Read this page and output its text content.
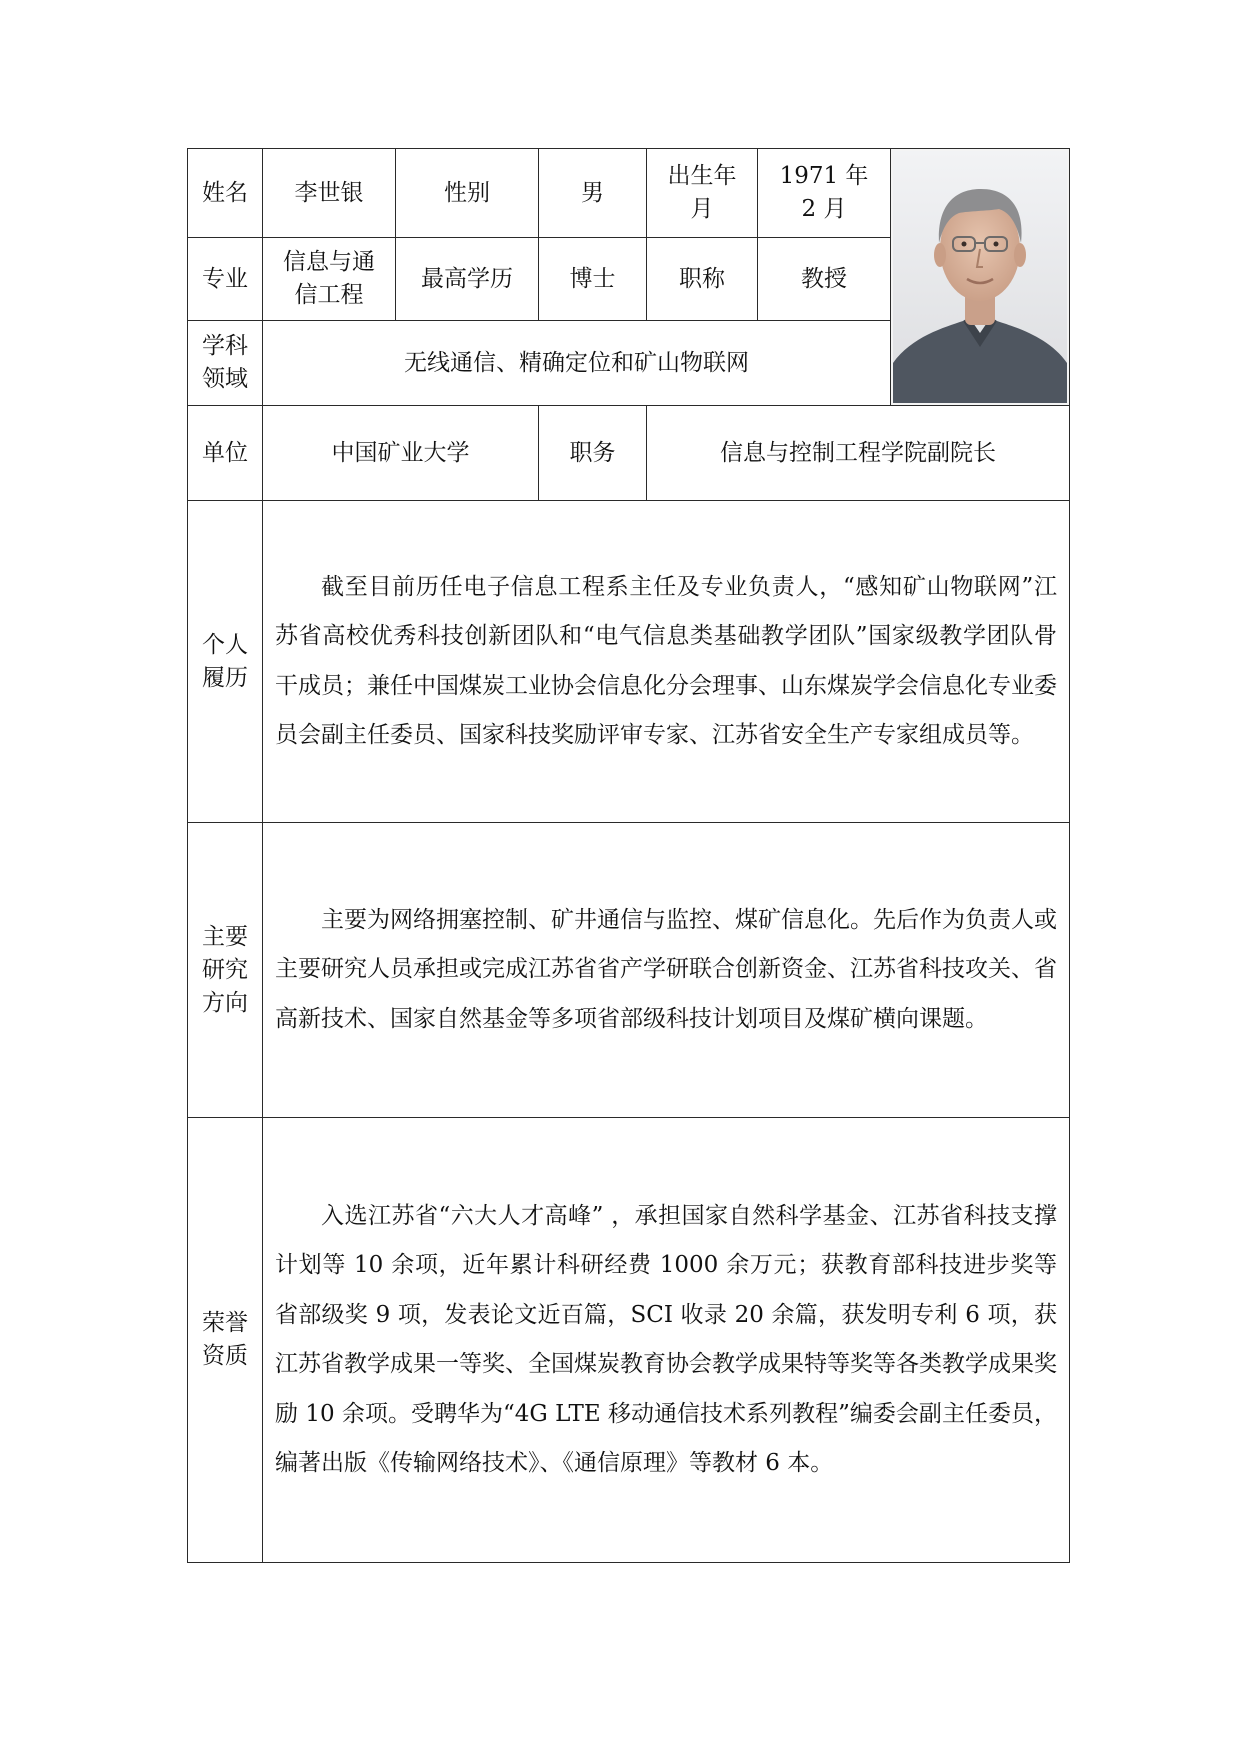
姓名	李世银	性别	男	出生年月	1971 年 2 月	

专业	信息与通信工程	最高学历	博士	职称	教授	
学科领域	无线通信、精确定位和矿山物联网					
单位	中国矿业大学		职务	信息与控制工程学院副院长		
个人履历	截至目前历任电子信息工程系主任及专业负责人，“感知矿山物联网”江苏省高校优秀科技创新团队和“电气信息类基础教学团队”国家级教学团队骨干成员；兼任中国煤炭工业协会信息化分会理事、山东煤炭学会信息化专业委员会副主任委员、国家科技奖励评审专家、江苏省安全生产专家组成员等。					

主要研究方向	主要为网络拥塞控制、矿井通信与监控、煤矿信息化。先后作为负责人或主要研究人员承担或完成江苏省省产学研联合创新资金、江苏省科技攻关、省高新技术、国家自然基金等多项省部级科技计划项目及煤矿横向课题。					

荣誉资质	入选江苏省“六大人才高峰” ，承担国家自然科学基金、江苏省科技支撑计划等 10 余项，近年累计科研经费 1000 余万元；获教育部科技进步奖等省部级奖 9 项，发表论文近百篇，SCI 收录 20 余篇，获发明专利 6 项，获江苏省教学成果一等奖、全国煤炭教育协会教学成果特等奖等各类教学成果奖励 10 余项。受聘华为“4G LTE 移动通信技术系列教程”编委会副主任委员，编著出版《传输网络技术》、《通信原理》等教材 6 本。					
